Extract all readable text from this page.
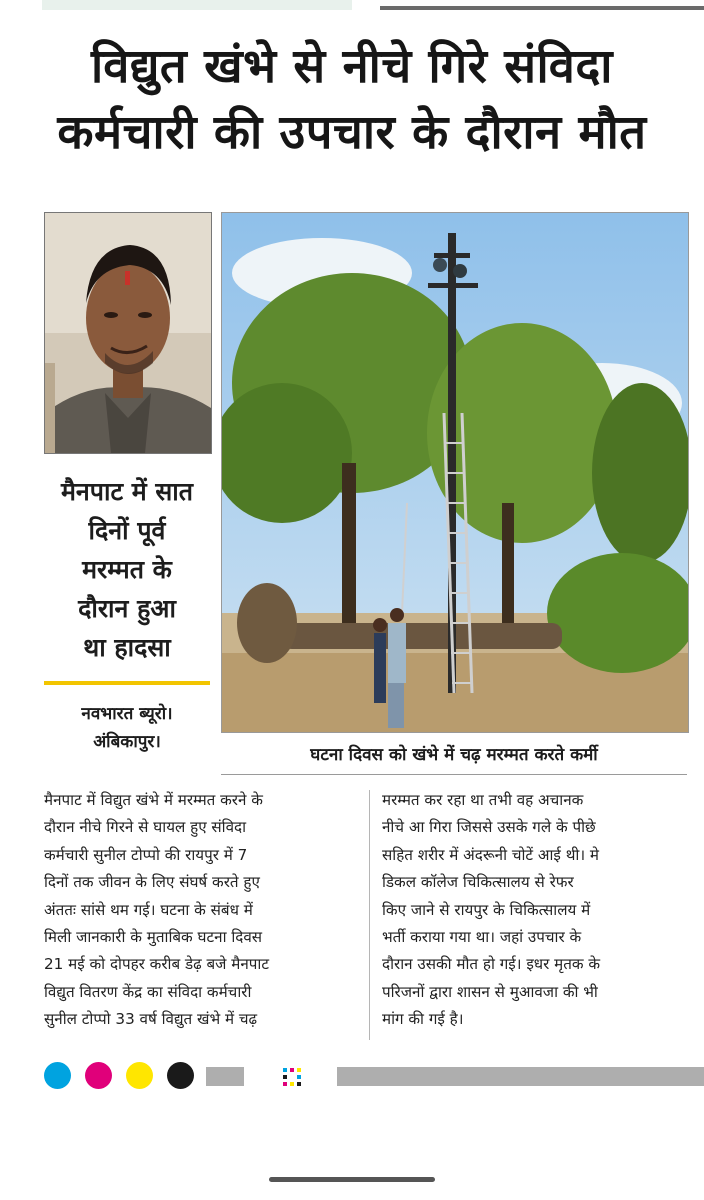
विद्युत खंभे से नीचे गिरे संविदा
कर्मचारी की उपचार के दौरान मौत
मैनपाट में सात
दिनों पूर्व
मरम्मत के
दौरान हुआ
था हादसा
नवभारत ब्यूरो।
अंबिकापुर।
घटना दिवस को खंभे में चढ़ मरम्मत करते कर्मी
मैनपाट में विद्युत खंभे में मरम्मत करने के
दौरान नीचे गिरने से घायल हुए संविदा
कर्मचारी सुनील टोप्पो की रायपुर में 7
दिनों तक जीवन के लिए संघर्ष करते हुए
अंततः सांसे थम गई। घटना के संबंध में
मिली जानकारी के मुताबिक घटना दिवस
21 मई को दोपहर करीब डेढ़ बजे मैनपाट
विद्युत वितरण केंद्र का संविदा कर्मचारी
सुनील टोप्पो 33 वर्ष विद्युत खंभे में चढ़
मरम्मत कर रहा था तभी वह अचानक
नीचे आ गिरा जिससे उसके गले के पीछे
सहित शरीर में अंदरूनी चोटें आई थी। मे
डिकल कॉलेज चिकित्सालय से रेफर
किए जाने से रायपुर के चिकित्सालय में
भर्ती कराया गया था। जहां उपचार के
दौरान उसकी मौत हो गई। इधर मृतक के
परिजनों द्वारा शासन से मुआवजा की भी
मांग की गई है।
